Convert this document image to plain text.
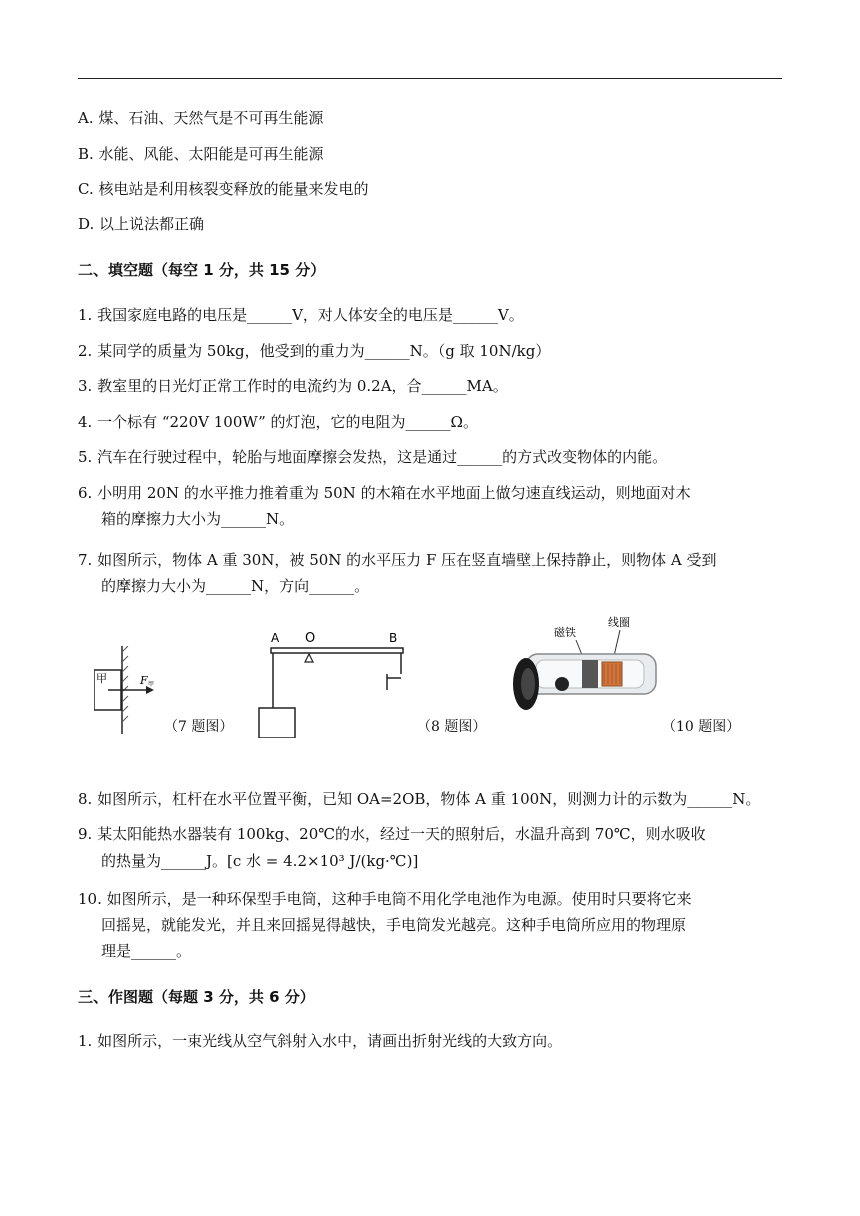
A. 煤、石油、天然气是不可再生能源
B. 水能、风能、太阳能是可再生能源
C. 核电站是利用核裂变释放的能量来发电的
D. 以上说法都正确
二、填空题（每空 1 分，共 15 分）
1. 我国家庭电路的电压是______V，对人体安全的电压是______V。
2. 某同学的质量为 50kg，他受到的重力为______N。（g 取 10N/kg）
3. 教室里的日光灯正常工作时的电流约为 0.2A，合______MA。
4. 一个标有 “220V 100W” 的灯泡，它的电阻为______Ω。
5. 汽车在行驶过程中，轮胎与地面摩擦会发热，这是通过______的方式改变物体的内能。
6. 小明用 20N 的水平推力推着重为 50N 的木箱在水平地面上做匀速直线运动，则地面对木
箱的摩擦力大小为______N。
7. 如图所示，物体 A 重 30N，被 50N 的水平压力 F 压在竖直墙壁上保持静止，则物体 A 受到
的摩擦力大小为______N，方向______。
甲	F 甲
（7 题图）
A O	B
（8 题图）
磁铁
线圈
（10 题图）
8. 如图所示，杠杆在水平位置平衡，已知 OA=2OB，物体 A 重 100N，则测力计的示数为______N。
9. 某太阳能热水器装有 100kg、20℃的水，经过一天的照射后，水温升高到 70℃，则水吸收
的热量为______J。[c 水 = 4.2×10³ J/(kg·℃)]
10. 如图所示，是一种环保型手电筒，这种手电筒不用化学电池作为电源。使用时只要将它来
回摇晃，就能发光，并且来回摇晃得越快，手电筒发光越亮。这种手电筒所应用的物理原
理是______。
三、作图题（每题 3 分，共 6 分）
1. 如图所示，一束光线从空气斜射入水中，请画出折射光线的大致方向。
